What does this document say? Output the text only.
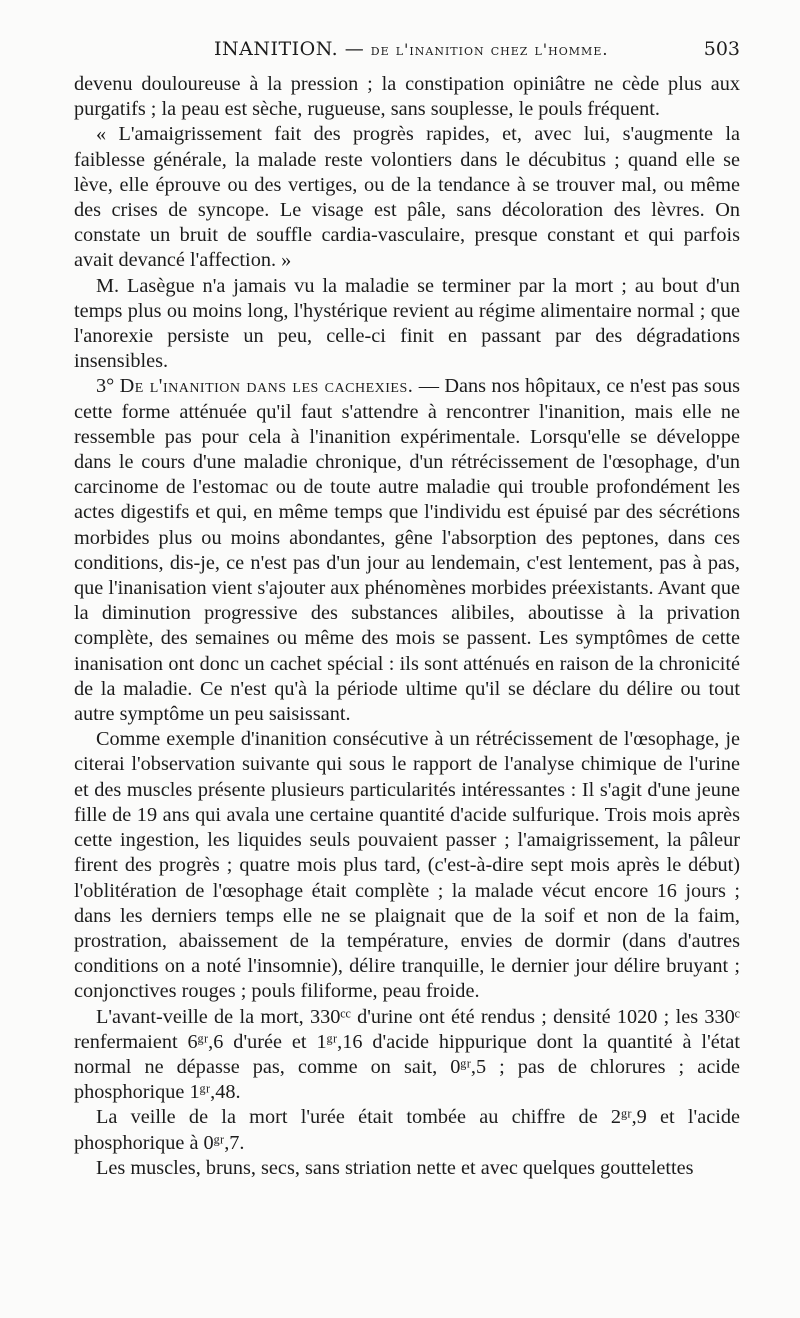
INANITION. — de l'inanition chez l'homme.	503

devenu douloureuse à la pression ; la constipation opiniâtre ne cède plus aux purgatifs ; la peau est sèche, rugueuse, sans souplesse, le pouls fréquent.

« L'amaigrissement fait des progrès rapides, et, avec lui, s'augmente la faiblesse générale, la malade reste volontiers dans le décubitus ; quand elle se lève, elle éprouve ou des vertiges, ou de la tendance à se trouver mal, ou même des crises de syncope. Le visage est pâle, sans décoloration des lèvres. On constate un bruit de souffle cardia-vasculaire, presque constant et qui parfois avait devancé l'affection. »

M. Lasègue n'a jamais vu la maladie se terminer par la mort ; au bout d'un temps plus ou moins long, l'hystérique revient au régime alimentaire normal ; que l'anorexie persiste un peu, celle-ci finit en passant par des dégradations insensibles.

3° De l'inanition dans les cachexies. — Dans nos hôpitaux, ce n'est pas sous cette forme atténuée qu'il faut s'attendre à rencontrer l'inanition, mais elle ne ressemble pas pour cela à l'inanition expérimentale. Lorsqu'elle se développe dans le cours d'une maladie chronique, d'un rétrécissement de l'œsophage, d'un carcinome de l'estomac ou de toute autre maladie qui trouble profondément les actes digestifs et qui, en même temps que l'individu est épuisé par des sécrétions morbides plus ou moins abondantes, gêne l'absorption des peptones, dans ces conditions, dis-je, ce n'est pas d'un jour au lendemain, c'est lentement, pas à pas, que l'inanisation vient s'ajouter aux phénomènes morbides préexistants. Avant que la diminution progressive des substances alibiles, aboutisse à la privation complète, des semaines ou même des mois se passent. Les symptômes de cette inanisation ont donc un cachet spécial : ils sont atténués en raison de la chronicité de la maladie. Ce n'est qu'à la période ultime qu'il se déclare du délire ou tout autre symptôme un peu saisissant.

Comme exemple d'inanition consécutive à un rétrécissement de l'œsophage, je citerai l'observation suivante qui sous le rapport de l'analyse chimique de l'urine et des muscles présente plusieurs particularités intéressantes : Il s'agit d'une jeune fille de 19 ans qui avala une certaine quantité d'acide sulfurique. Trois mois après cette ingestion, les liquides seuls pouvaient passer ; l'amaigrissement, la pâleur firent des progrès ; quatre mois plus tard, (c'est-à-dire sept mois après le début) l'oblitération de l'œsophage était complète ; la malade vécut encore 16 jours ; dans les derniers temps elle ne se plaignait que de la soif et non de la faim, prostration, abaissement de la température, envies de dormir (dans d'autres conditions on a noté l'insomnie), délire tranquille, le dernier jour délire bruyant ; conjonctives rouges ; pouls filiforme, peau froide.

L'avant-veille de la mort, 330ᶜᶜ d'urine ont été rendus ; densité 1020 ; les 330ᶜ renfermaient 6ᵍʳ,6 d'urée et 1ᵍʳ,16 d'acide hippurique dont la quantité à l'état normal ne dépasse pas, comme on sait, 0ᵍʳ,5 ; pas de chlorures ; acide phosphorique 1ᵍʳ,48.

La veille de la mort l'urée était tombée au chiffre de 2ᵍʳ,9 et l'acide phosphorique à 0ᵍʳ,7.

Les muscles, bruns, secs, sans striation nette et avec quelques gouttelettes
